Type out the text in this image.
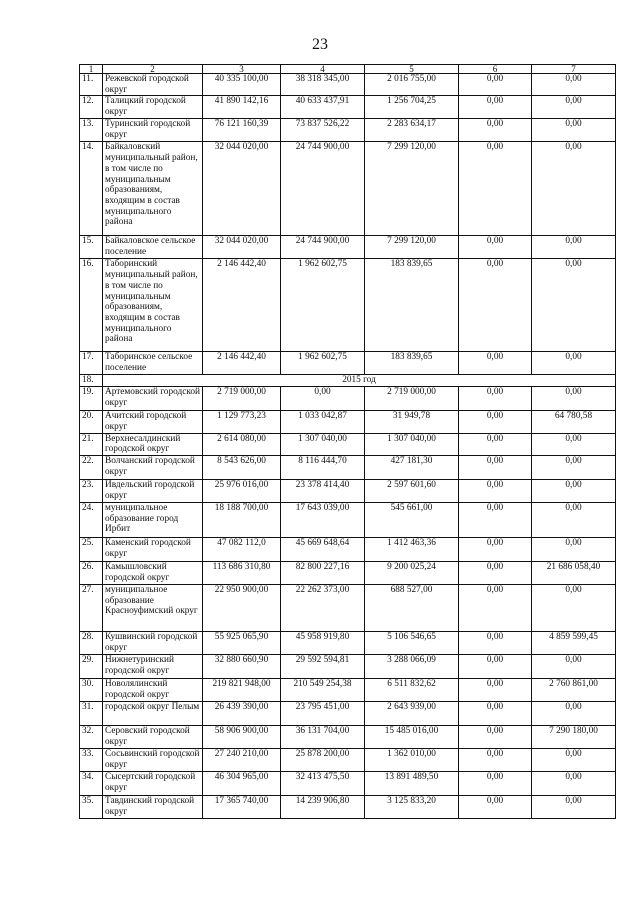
23
1	2	3	4	5	6	7
11.	Режевской городской округ	40 335 100,00	38 318 345,00	2 016 755,00	0,00	0,00
12.	Талицкий городской округ	41 890 142,16	40 633 437,91	1 256 704,25	0,00	0,00
13.	Туринский городской округ	76 121 160,39	73 837 526,22	2 283 634,17	0,00	0,00
14.	Байкаловский муниципальный район, в том числе по муниципальным образованиям, входящим в состав муниципального района	32 044 020,00	24 744 900,00	7 299 120,00	0,00	0,00
15.	Байкаловское сельское поселение	32 044 020,00	24 744 900,00	7 299 120,00	0,00	0,00
16.	Таборинский муниципальный район, в том числе по муниципальным образованиям, входящим в состав муниципального района	2 146 442,40	1 962 602,75	183 839,65	0,00	0,00
17.	Таборинское сельское поселение	2 146 442,40	1 962 602,75	183 839,65	0,00	0,00
18.	2015 год					
19.	Артемовский городской округ	2 719 000,00	0,00	2 719 000,00	0,00	0,00
20.	Ачитский городской округ	1 129 773,23	1 033 042,87	31 949,78	0,00	64 780,58
21.	Верхнесалдинский городской округ	2 614 080,00	1 307 040,00	1 307 040,00	0,00	0,00
22.	Волчанский городской округ	8 543 626,00	8 116 444,70	427 181,30	0,00	0,00
23.	Ивдельский городской округ	25 976 016,00	23 378 414,40	2 597 601,60	0,00	0,00
24.	муниципальное образование город Ирбит	18 188 700,00	17 643 039,00	545 661,00	0,00	0,00
25.	Каменский городской округ	47 082 112,0	45 669 648,64	1 412 463,36	0,00	0,00
26.	Камышловский городской округ	113 686 310,80	82 800 227,16	9 200 025,24	0,00	21 686 058,40
27.	муниципальное образование Красноуфимский округ	22 950 900,00	22 262 373,00	688 527,00	0,00	0,00
28.	Кушвинский городской округ	55 925 065,90	45 958 919,80	5 106 546,65	0,00	4 859 599,45
29.	Нижнетуринский городской округ	32 880 660,90	29 592 594,81	3 288 066,09	0,00	0,00
30.	Новолялинский городской округ	219 821 948,00	210 549 254,38	6 511 832,62	0,00	2 760 861,00
31.	городской округ Пелым	26 439 390,00	23 795 451,00	2 643 939,00	0,00	0,00
32.	Серовский городской округ	58 906 900,00	36 131 704,00	15 485 016,00	0,00	7 290 180,00
33.	Сосьвинский городской округ	27 240 210,00	25 878 200,00	1 362 010,00	0,00	0,00
34.	Сысертский городской округ	46 304 965,00	32 413 475,50	13 891 489,50	0,00	0,00
35.	Тавдинский городской округ	17 365 740,00	14 239 906,80	3 125 833,20	0,00	0,00
